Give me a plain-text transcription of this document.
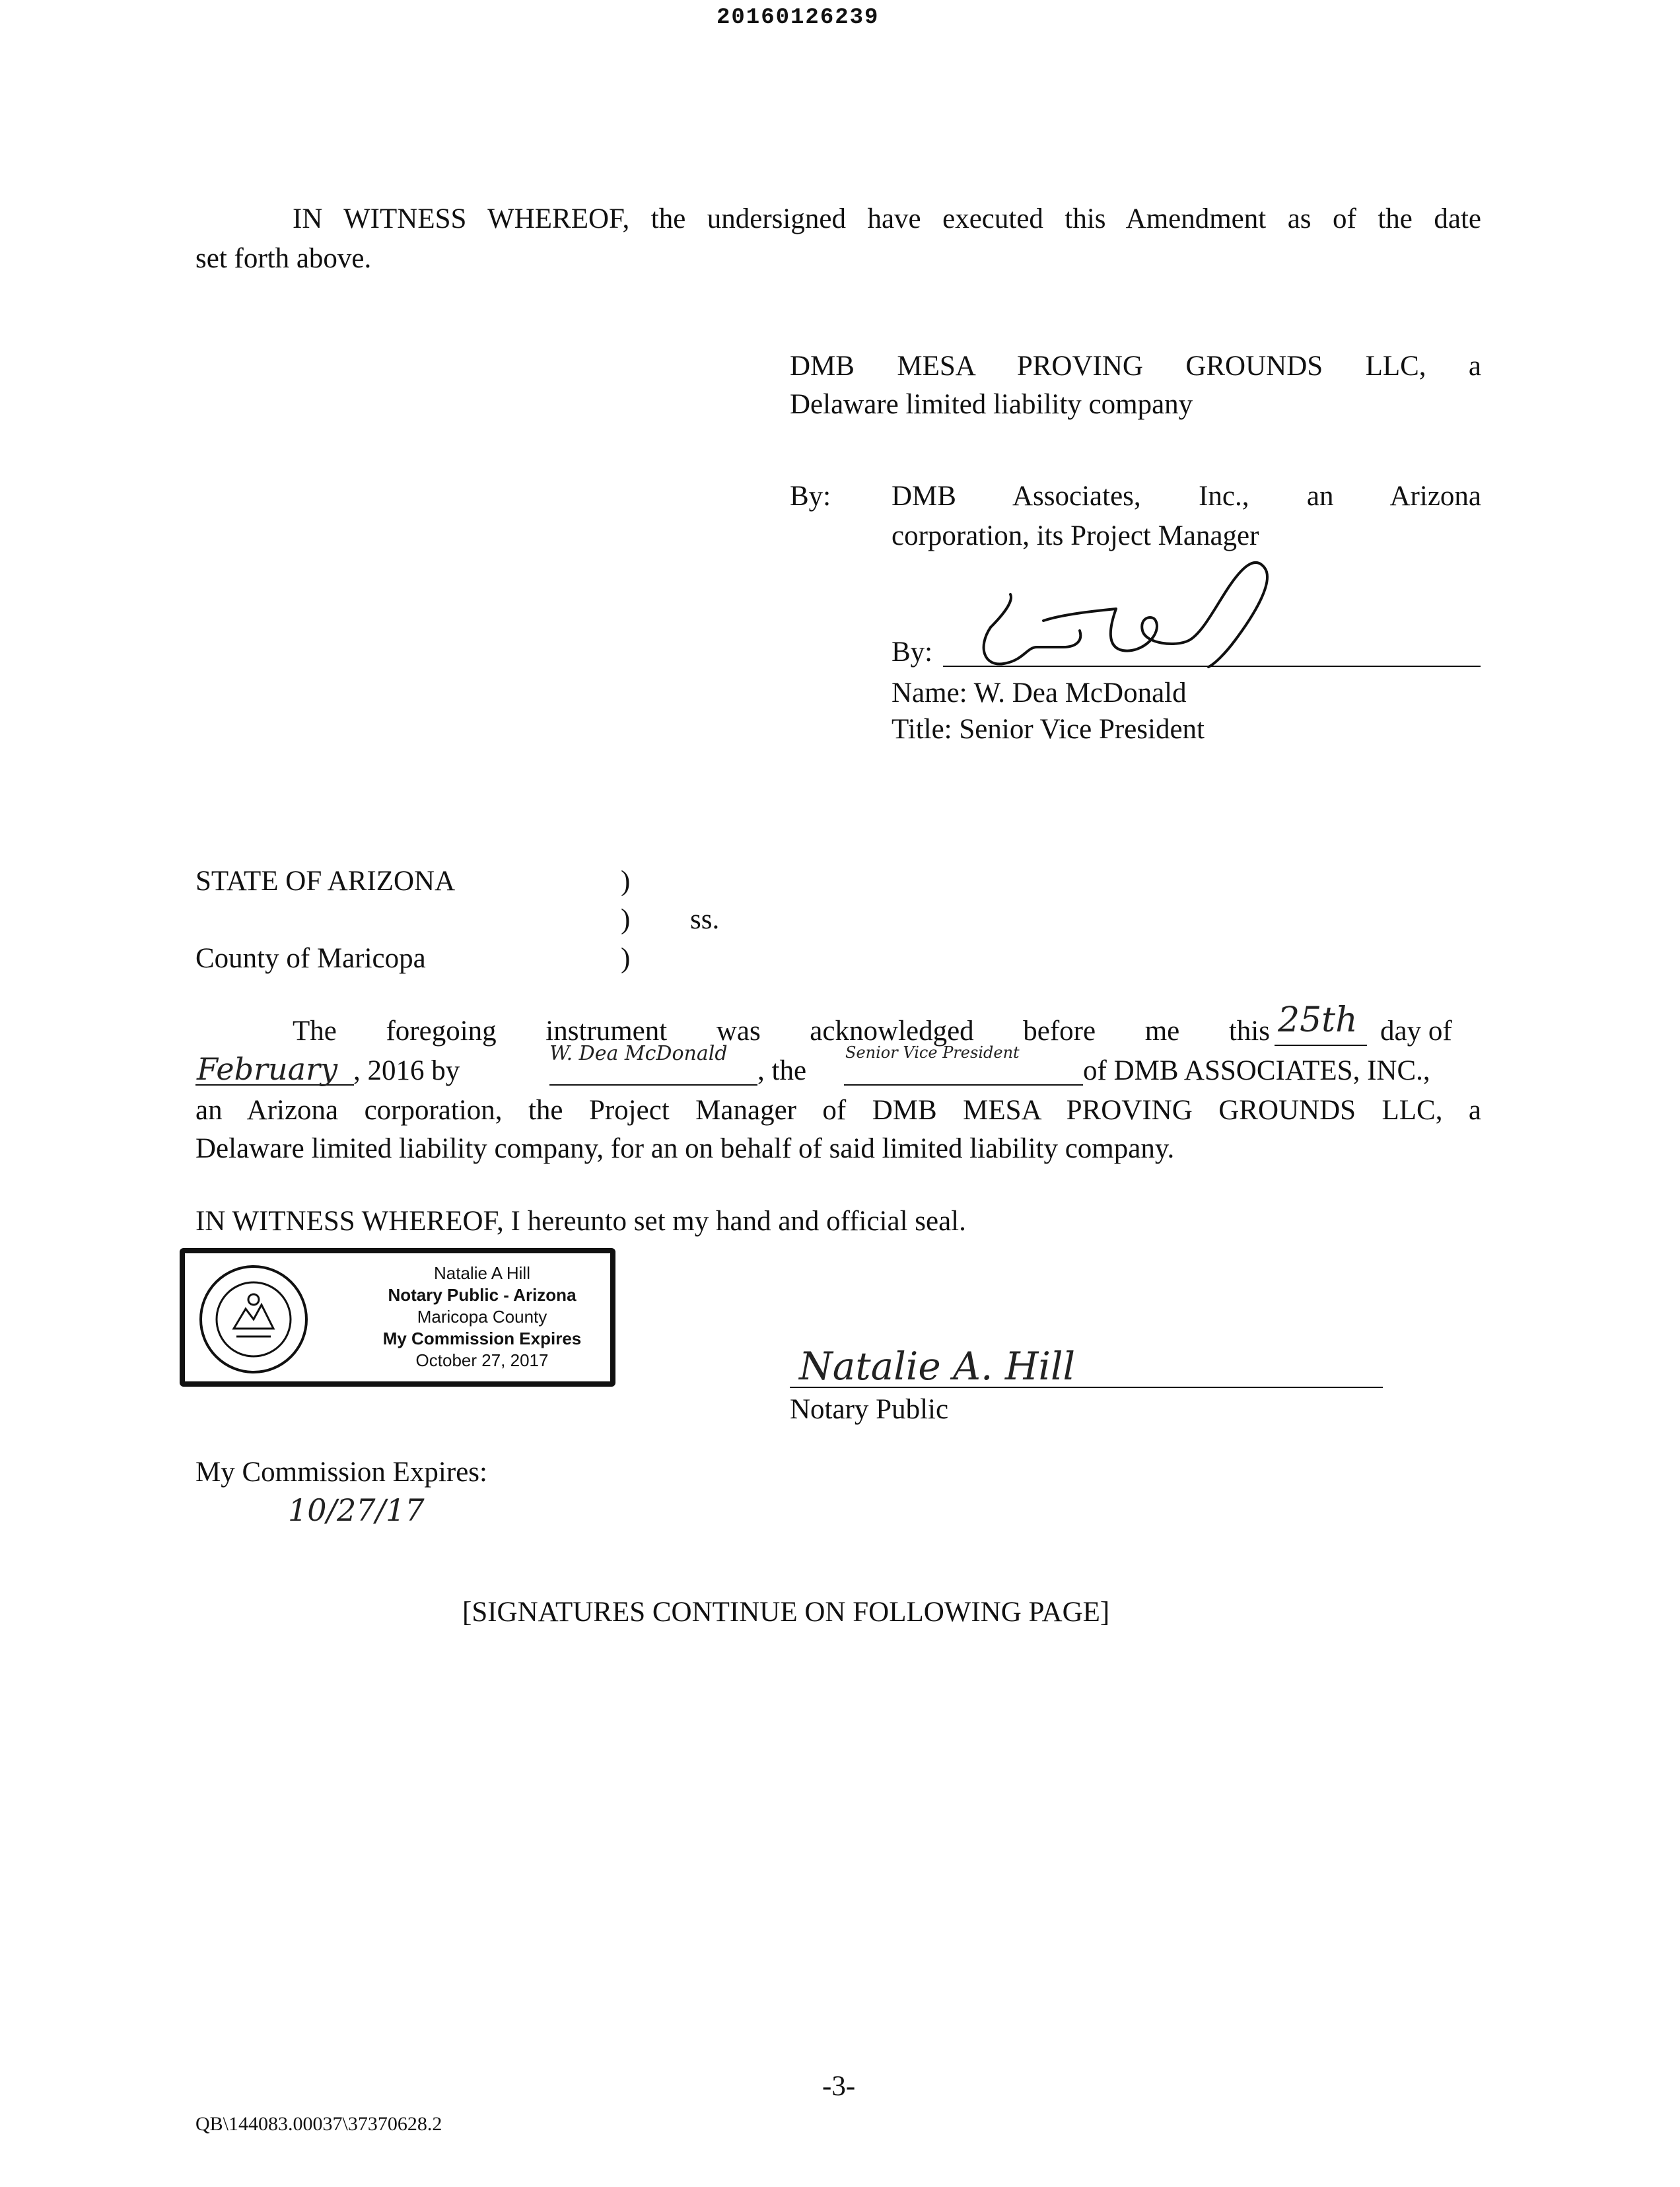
20160126239
IN WITNESS WHEREOF, the undersigned have executed this Amendment as of the date
set forth above.
DMB MESA PROVING GROUNDS LLC, a
Delaware limited liability company
By: DMB Associates, Inc., an Arizona
corporation, its Project Manager
By:
Name: W. Dea McDonald
Title: Senior Vice President
STATE OF ARIZONA	)
) ss.
County of Maricopa	)
The foregoing instrument was acknowledged before me this 25th day of
February , 2016 by
W. Dea McDonald
, the
Senior Vice President
of DMB ASSOCIATES, INC.,
an Arizona corporation, the Project Manager of DMB MESA PROVING GROUNDS LLC, a
Delaware limited liability company, for an on behalf of said limited liability company.
IN WITNESS WHEREOF, I hereunto set my hand and official seal.
Natalie A Hill
Notary Public - Arizona
Maricopa County
My Commission Expires
October 27, 2017	Natalie A. Hill
Notary Public
My Commission Expires:
10/27/17
[SIGNATURES CONTINUE ON FOLLOWING PAGE]
-3-
QB\144083.00037\37370628.2
